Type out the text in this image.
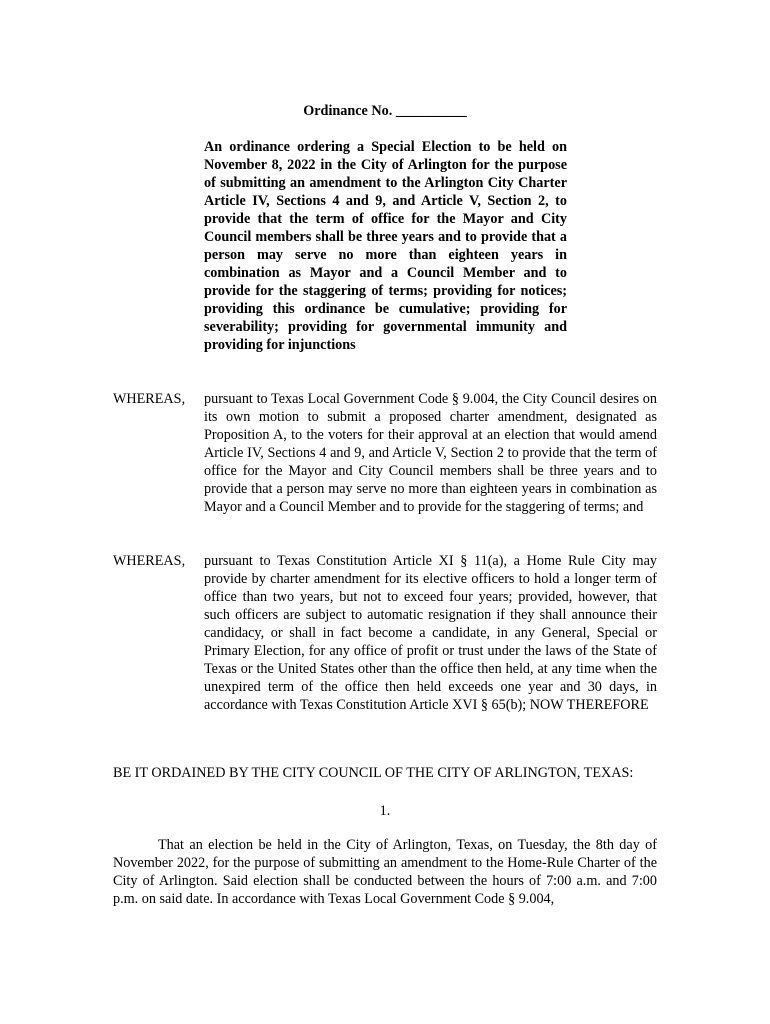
Ordinance No. __________
An ordinance ordering a Special Election to be held on November 8, 2022 in the City of Arlington for the purpose of submitting an amendment to the Arlington City Charter Article IV, Sections 4 and 9, and Article V, Section 2, to provide that the term of office for the Mayor and City Council members shall be three years and to provide that a person may serve no more than eighteen years in combination as Mayor and a Council Member and to provide for the staggering of terms; providing for notices; providing this ordinance be cumulative; providing for severability; providing for governmental immunity and providing for injunctions
WHEREAS, pursuant to Texas Local Government Code § 9.004, the City Council desires on its own motion to submit a proposed charter amendment, designated as Proposition A, to the voters for their approval at an election that would amend Article IV, Sections 4 and 9, and Article V, Section 2 to provide that the term of office for the Mayor and City Council members shall be three years and to provide that a person may serve no more than eighteen years in combination as Mayor and a Council Member and to provide for the staggering of terms; and
WHEREAS, pursuant to Texas Constitution Article XI § 11(a), a Home Rule City may provide by charter amendment for its elective officers to hold a longer term of office than two years, but not to exceed four years; provided, however, that such officers are subject to automatic resignation if they shall announce their candidacy, or shall in fact become a candidate, in any General, Special or Primary Election, for any office of profit or trust under the laws of the State of Texas or the United States other than the office then held, at any time when the unexpired term of the office then held exceeds one year and 30 days, in accordance with Texas Constitution Article XVI § 65(b); NOW THEREFORE
BE IT ORDAINED BY THE CITY COUNCIL OF THE CITY OF ARLINGTON, TEXAS:
1.
That an election be held in the City of Arlington, Texas, on Tuesday, the 8th day of November 2022, for the purpose of submitting an amendment to the Home-Rule Charter of the City of Arlington. Said election shall be conducted between the hours of 7:00 a.m. and 7:00 p.m. on said date. In accordance with Texas Local Government Code § 9.004,
